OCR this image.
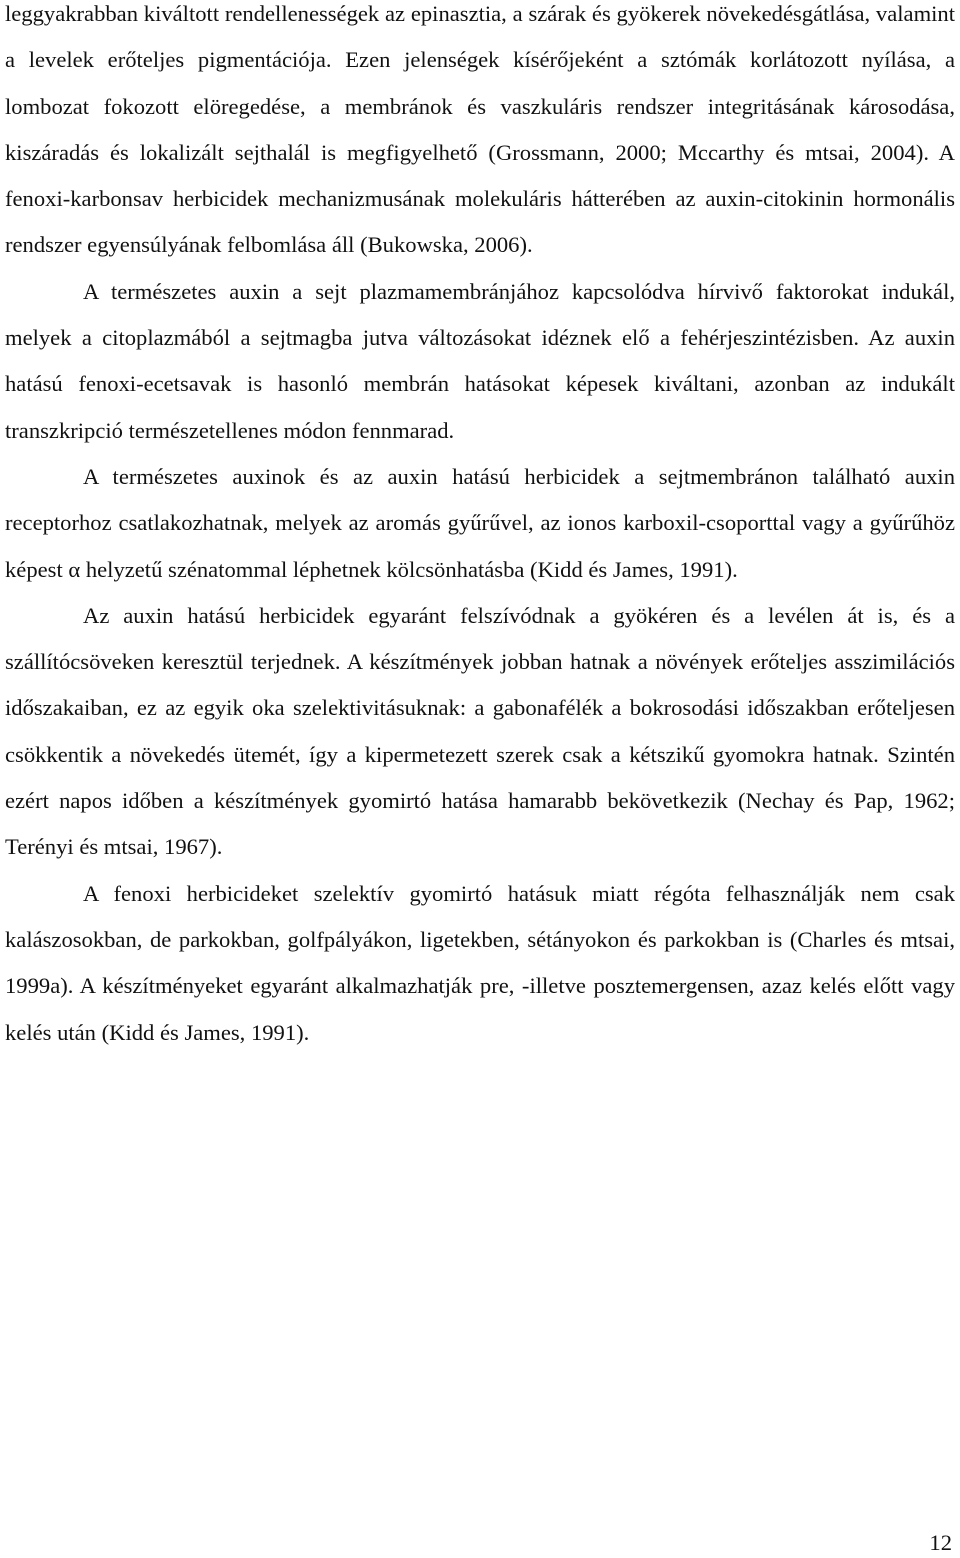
leggyakrabban kiváltott rendellenességek az epinasztia, a szárak és gyökerek növekedésgátlása, valamint a levelek erőteljes pigmentációja. Ezen jelenségek kísérőjeként a sztómák korlátozott nyílása, a lombozat fokozott elöregedése, a membránok és vaszkuláris rendszer integritásának károsodása, kiszáradás és lokalizált sejthalál is megfigyelhető (Grossmann, 2000; Mccarthy és mtsai, 2004). A fenoxi-karbonsav herbicidek mechanizmusának molekuláris hátterében az auxin-citokinin hormonális rendszer egyensúlyának felbomlása áll (Bukowska, 2006).

A természetes auxin a sejt plazmamembránjához kapcsolódva hírvivő faktorokat indukál, melyek a citoplazmából a sejtmagba jutva változásokat idéznek elő a fehérjeszintézisben. Az auxin hatású fenoxi-ecetsavak is hasonló membrán hatásokat képesek kiváltani, azonban az indukált transzkripció természetellenes módon fennmarad.

A természetes auxinok és az auxin hatású herbicidek a sejtmembránon található auxin receptorhoz csatlakozhatnak, melyek az aromás gyűrűvel, az ionos karboxil-csoporttal vagy a gyűrűhöz képest α helyzetű szénatommal léphetnek kölcsönhatásba (Kidd és James, 1991).

Az auxin hatású herbicidek egyaránt felszívódnak a gyökéren és a levélen át is, és a szállítócsöveken keresztül terjednek. A készítmények jobban hatnak a növények erőteljes asszimilációs időszakaiban, ez az egyik oka szelektivitásuknak: a gabonafélék a bokrosodási időszakban erőteljesen csökkentik a növekedés ütemét, így a kipermetezett szerek csak a kétszikű gyomokra hatnak. Szintén ezért napos időben a készítmények gyomirtó hatása hamarabb bekövetkezik (Nechay és Pap, 1962; Terényi és mtsai, 1967).

A fenoxi herbicideket szelektív gyomirtó hatásuk miatt régóta felhasználják nem csak kalászosokban, de parkokban, golfpályákon, ligetekben, sétányokon és parkokban is (Charles és mtsai, 1999a). A készítményeket egyaránt alkalmazhatják pre, -illetve posztemergensen, azaz kelés előtt vagy kelés után (Kidd és James, 1991).

12
